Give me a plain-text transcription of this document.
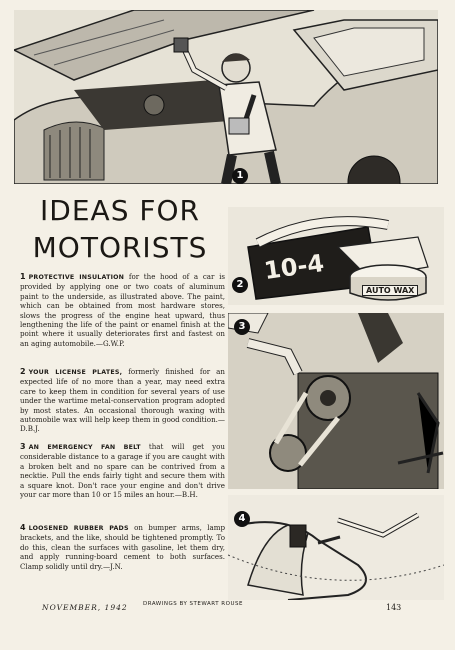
1
IDEAS FOR MOTORISTS
10-4
AUTO WAX
2
3
4
1 PROTECTIVE INSULATION for the hood of a car is provided by applying one or two coats of aluminum paint to the underside, as illustrated above. The paint, which can be obtained from most hardware stores, slows the progress of the engine heat upward, thus lengthening the life of the paint or enamel finish at the point where it usually deteriorates first and fastest on an aging automobile.—G.W.P.
2 YOUR LICENSE PLATES, formerly finished for an expected life of no more than a year, may need extra care to keep them in condition for several years of use under the wartime metal-conservation program adopted by most states. An occasional thorough waxing with automobile wax will help keep them in good condition.—D.B.J.
3 AN EMERGENCY FAN BELT that will get you considerable distance to a garage if you are caught with a broken belt and no spare can be contrived from a necktie. Pull the ends fairly tight and secure them with a square knot. Don't race your engine and don't drive your car more than 10 or 15 miles an hour.—B.H.
4 LOOSENED RUBBER PADS on bumper arms, lamp brackets, and the like, should be tightened promptly. To do this, clean the surfaces with gasoline, let them dry, and apply running-board cement to both surfaces. Clamp solidly until dry.—J.N.
DRAWINGS BY STEWART ROUSE
NOVEMBER, 1942	143
